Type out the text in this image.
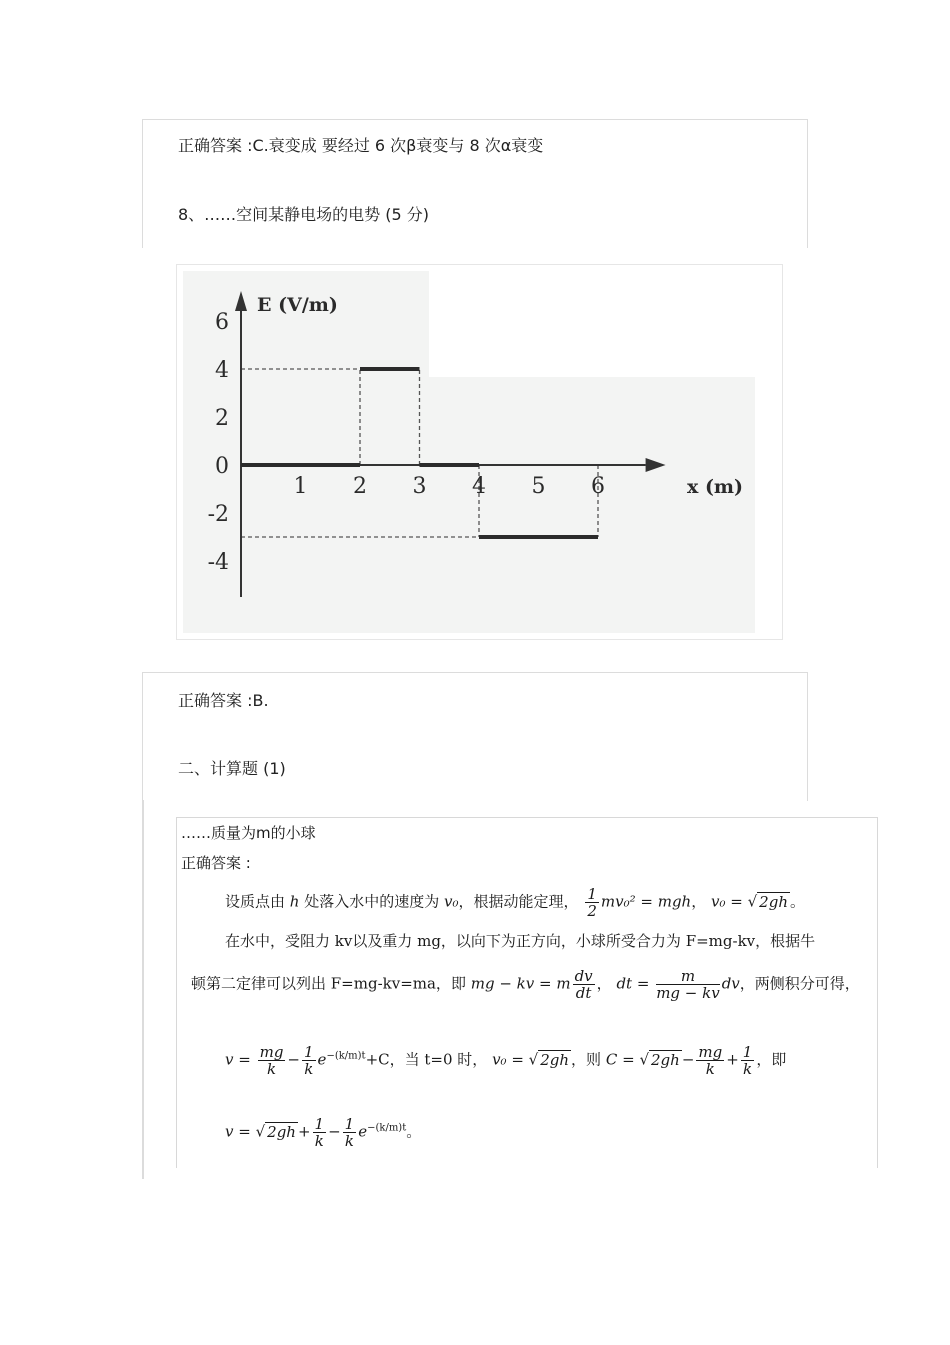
正确答案 :C.衰变成 要经过 6 次β衰变与 8 次α衰变
8、……空间某静电场的电势 (5 分)
1 2 3 4 5 6
6
4
2
0
-2
-4
E (V/m)
x (m)
正确答案 :B.
二、计算题 (1)
……质量为m的小球
正确答案 :
设质点由 h 处落入水中的速度为 v₀，根据动能定理， $\frac{1}{2} mv_0^2$ = mgh， v₀ = √ 2gh 。
在水中，受阻力 kv以及重力 mg，以向下为正方向，小球所受合力为 F=mg-kv，根据牛
顿第二定律可以列出 F=mg-kv=ma，即 mg − kv = m $\frac{dv}{dt}$ ， dt = $\frac{m}{mg - kv}$ dv，两侧积分可得，
$v = \frac{mg}{k} - \frac{1}{k} e^{-(k/m)t}+C$，当 t=0 时， v₀ = √ 2gh ，则 C = √ $2gh - \frac{mg}{k} + \frac{1}{k}$ ，即
v = √ $2gh + \frac{1}{k} - \frac{1}{k} e^{-(k/m)t}$。
